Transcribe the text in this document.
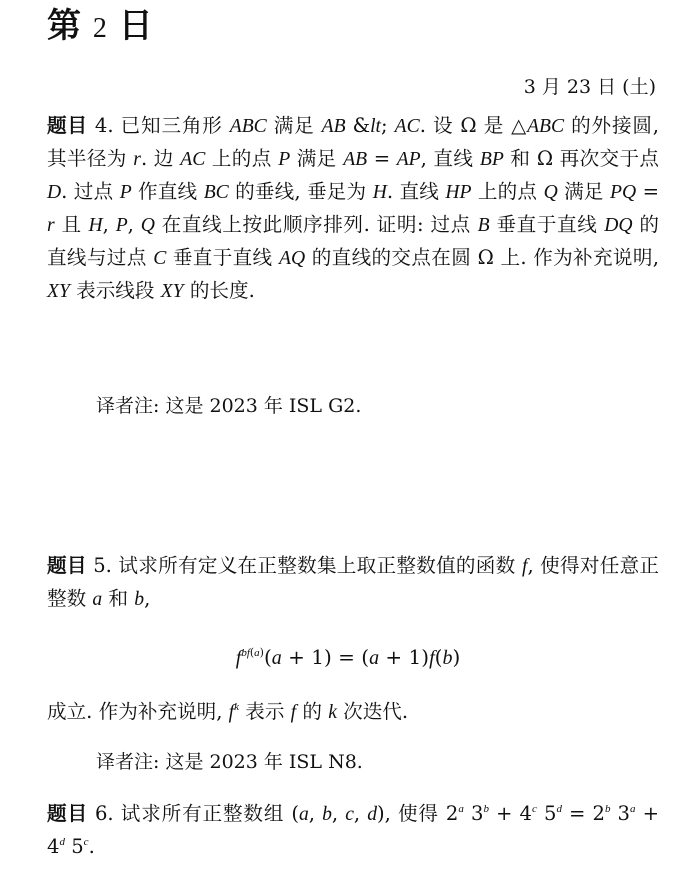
第 2 日
3 月 23 日 (土)

题目 4. 已知三角形 ABC 满足 AB &lt; AC. 设 Ω 是 △ABC 的外接圆, 其半径为 r. 边 AC 上的点 P 满足 AB = AP, 直线 BP 和 Ω 再次交于点 D. 过点 P 作直线 BC 的垂线, 垂足为 H. 直线 HP 上的点 Q 满足 PQ = r 且 H, P, Q 在直线上按此顺序排列. 证明: 过点 B 垂直于直线 DQ 的直线与过点 C 垂直于直线 AQ 的直线的交点在圆 Ω 上. 作为补充说明, XY 表示线段 XY 的长度.

译者注: 这是 2023 年 ISL G2.

题目 5. 试求所有定义在正整数集上取正整数值的函数 f, 使得对任意正整数 a 和 b,

$f^{bf(a)}(a + 1) = (a + 1)f(b)$

成立. 作为补充说明, $f^k$ 表示 f 的 k 次迭代.

译者注: 这是 2023 年 ISL N8.

题目 6. 试求所有正整数组 (a, b, c, d), 使得 2$^a$ $3^b + 4^c$ $5^d = 2^b$ $3^a + 4^d$ 5$^c$.
